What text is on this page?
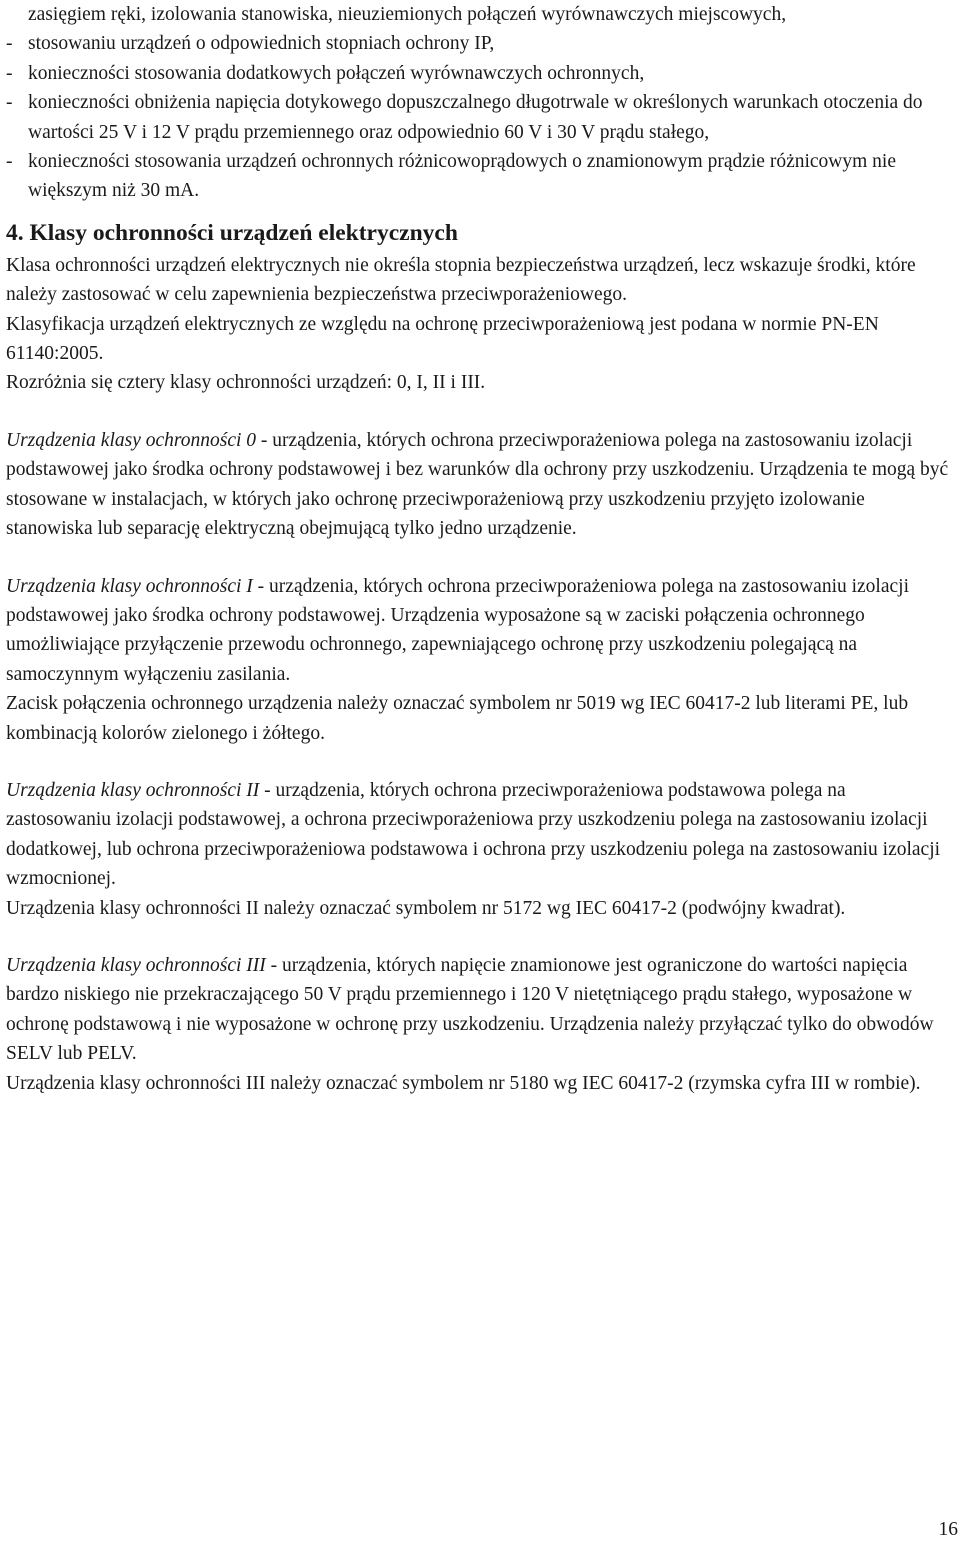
zasięgiem ręki, izolowania stanowiska, nieuziemionych połączeń wyrównawczych miejscowych,

- stosowaniu urządzeń o odpowiednich stopniach ochrony IP,
- konieczności stosowania dodatkowych połączeń wyrównawczych ochronnych,
- konieczności obniżenia napięcia dotykowego dopuszczalnego długotrwale w określonych warunkach otoczenia do wartości 25 V i 12 V prądu przemiennego oraz odpowiednio 60 V i 30 V prądu stałego,
- konieczności stosowania urządzeń ochronnych różnicowoprądowych o znamionowym prądzie różnicowym nie większym niż 30 mA.
4. Klasy ochronności urządzeń elektrycznych

Klasa ochronności urządzeń elektrycznych nie określa stopnia bezpieczeństwa urządzeń, lecz wskazuje środki, które należy zastosować w celu zapewnienia bezpieczeństwa przeciwporażeniowego.

Klasyfikacja urządzeń elektrycznych ze względu na ochronę przeciwporażeniową jest podana w normie PN-EN 61140:2005.

Rozróżnia się cztery klasy ochronności urządzeń: 0, I, II i III.

Urządzenia klasy ochronności 0 - urządzenia, których ochrona przeciwporażeniowa polega na zastosowaniu izolacji podstawowej jako środka ochrony podstawowej i bez warunków dla ochrony przy uszkodzeniu. Urządzenia te mogą być stosowane w instalacjach, w których jako ochronę przeciwporażeniową przy uszkodzeniu przyjęto izolowanie stanowiska lub separację elektryczną obejmującą tylko jedno urządzenie.

Urządzenia klasy ochronności I - urządzenia, których ochrona przeciwporażeniowa polega na zastosowaniu izolacji podstawowej jako środka ochrony podstawowej. Urządzenia wyposażone są w zaciski połączenia ochronnego umożliwiające przyłączenie przewodu ochronnego, zapewniającego ochronę przy uszkodzeniu polegającą na samoczynnym wyłączeniu zasilania.

Zacisk połączenia ochronnego urządzenia należy oznaczać symbolem nr 5019 wg IEC 60417-2 lub literami PE, lub kombinacją kolorów zielonego i żółtego.

Urządzenia klasy ochronności II - urządzenia, których ochrona przeciwporażeniowa podstawowa polega na zastosowaniu izolacji podstawowej, a ochrona przeciwporażeniowa przy uszkodzeniu polega na zastosowaniu izolacji dodatkowej, lub ochrona przeciwporażeniowa podstawowa i ochrona przy uszkodzeniu polega na zastosowaniu izolacji wzmocnionej.

Urządzenia klasy ochronności II należy oznaczać symbolem nr 5172 wg IEC 60417-2 (podwójny kwadrat).

Urządzenia klasy ochronności III - urządzenia, których napięcie znamionowe jest ograniczone do wartości napięcia bardzo niskiego nie przekraczającego 50 V prądu przemiennego i 120 V nietętniącego prądu stałego, wyposażone w ochronę podstawową i nie wyposażone w ochronę przy uszkodzeniu. Urządzenia należy przyłączać tylko do obwodów SELV lub PELV.

Urządzenia klasy ochronności III należy oznaczać symbolem nr 5180 wg IEC 60417-2 (rzymska cyfra III w rombie).

16
